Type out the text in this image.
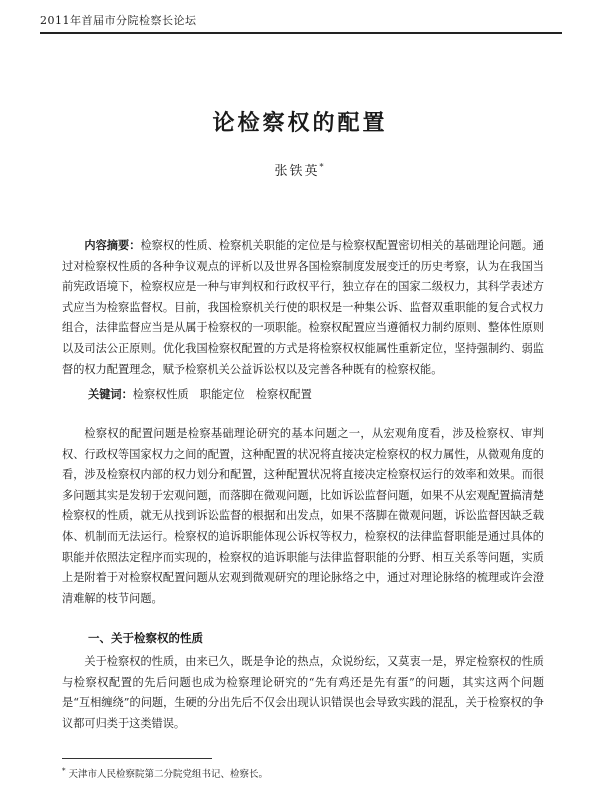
2011年首届市分院检察长论坛
论检察权的配置
张铁英*
内容摘要：检察权的性质、检察机关职能的定位是与检察权配置密切相关的基础理论问题。通过对检察权性质的各种争议观点的评析以及世界各国检察制度发展变迁的历史考察，认为在我国当前宪政语境下，检察权应是一种与审判权和行政权平行，独立存在的国家二级权力，其科学表述方式应当为检察监督权。目前，我国检察机关行使的职权是一种集公诉、监督双重职能的复合式权力组合，法律监督应当是从属于检察权的一项职能。检察权配置应当遵循权力制约原则、整体性原则以及司法公正原则。优化我国检察权配置的方式是将检察权权能属性重新定位，坚持强制约、弱监督的权力配置理念，赋予检察机关公益诉讼权以及完善各种既有的检察权能。
关键词：检察权性质　职能定位　检察权配置
检察权的配置问题是检察基础理论研究的基本问题之一，从宏观角度看，涉及检察权、审判权、行政权等国家权力之间的配置，这种配置的状况将直接决定检察权的权力属性，从微观角度的看，涉及检察权内部的权力划分和配置，这种配置状况将直接决定检察权运行的效率和效果。而很多问题其实是发轫于宏观问题，而落脚在微观问题，比如诉讼监督问题，如果不从宏观配置搞清楚检察权的性质，就无从找到诉讼监督的根据和出发点，如果不落脚在微观问题，诉讼监督因缺乏载体、机制而无法运行。检察权的追诉职能体现公诉权等权力，检察权的法律监督职能是通过具体的职能并依照法定程序而实现的，检察权的追诉职能与法律监督职能的分野、相互关系等问题，实质上是附着于对检察权配置问题从宏观到微观研究的理论脉络之中，通过对理论脉络的梳理或许会澄清难解的枝节问题。
一、关于检察权的性质
关于检察权的性质，由来已久，既是争论的热点，众说纷纭，又莫衷一是，界定检察权的性质与检察权配置的先后问题也成为检察理论研究的“先有鸡还是先有蛋”的问题，其实这两个问题是“互相缠绕”的问题，生硬的分出先后不仅会出现认识错误也会导致实践的混乱，关于检察权的争议都可归类于这类错误。
* 天津市人民检察院第二分院党组书记、检察长。
